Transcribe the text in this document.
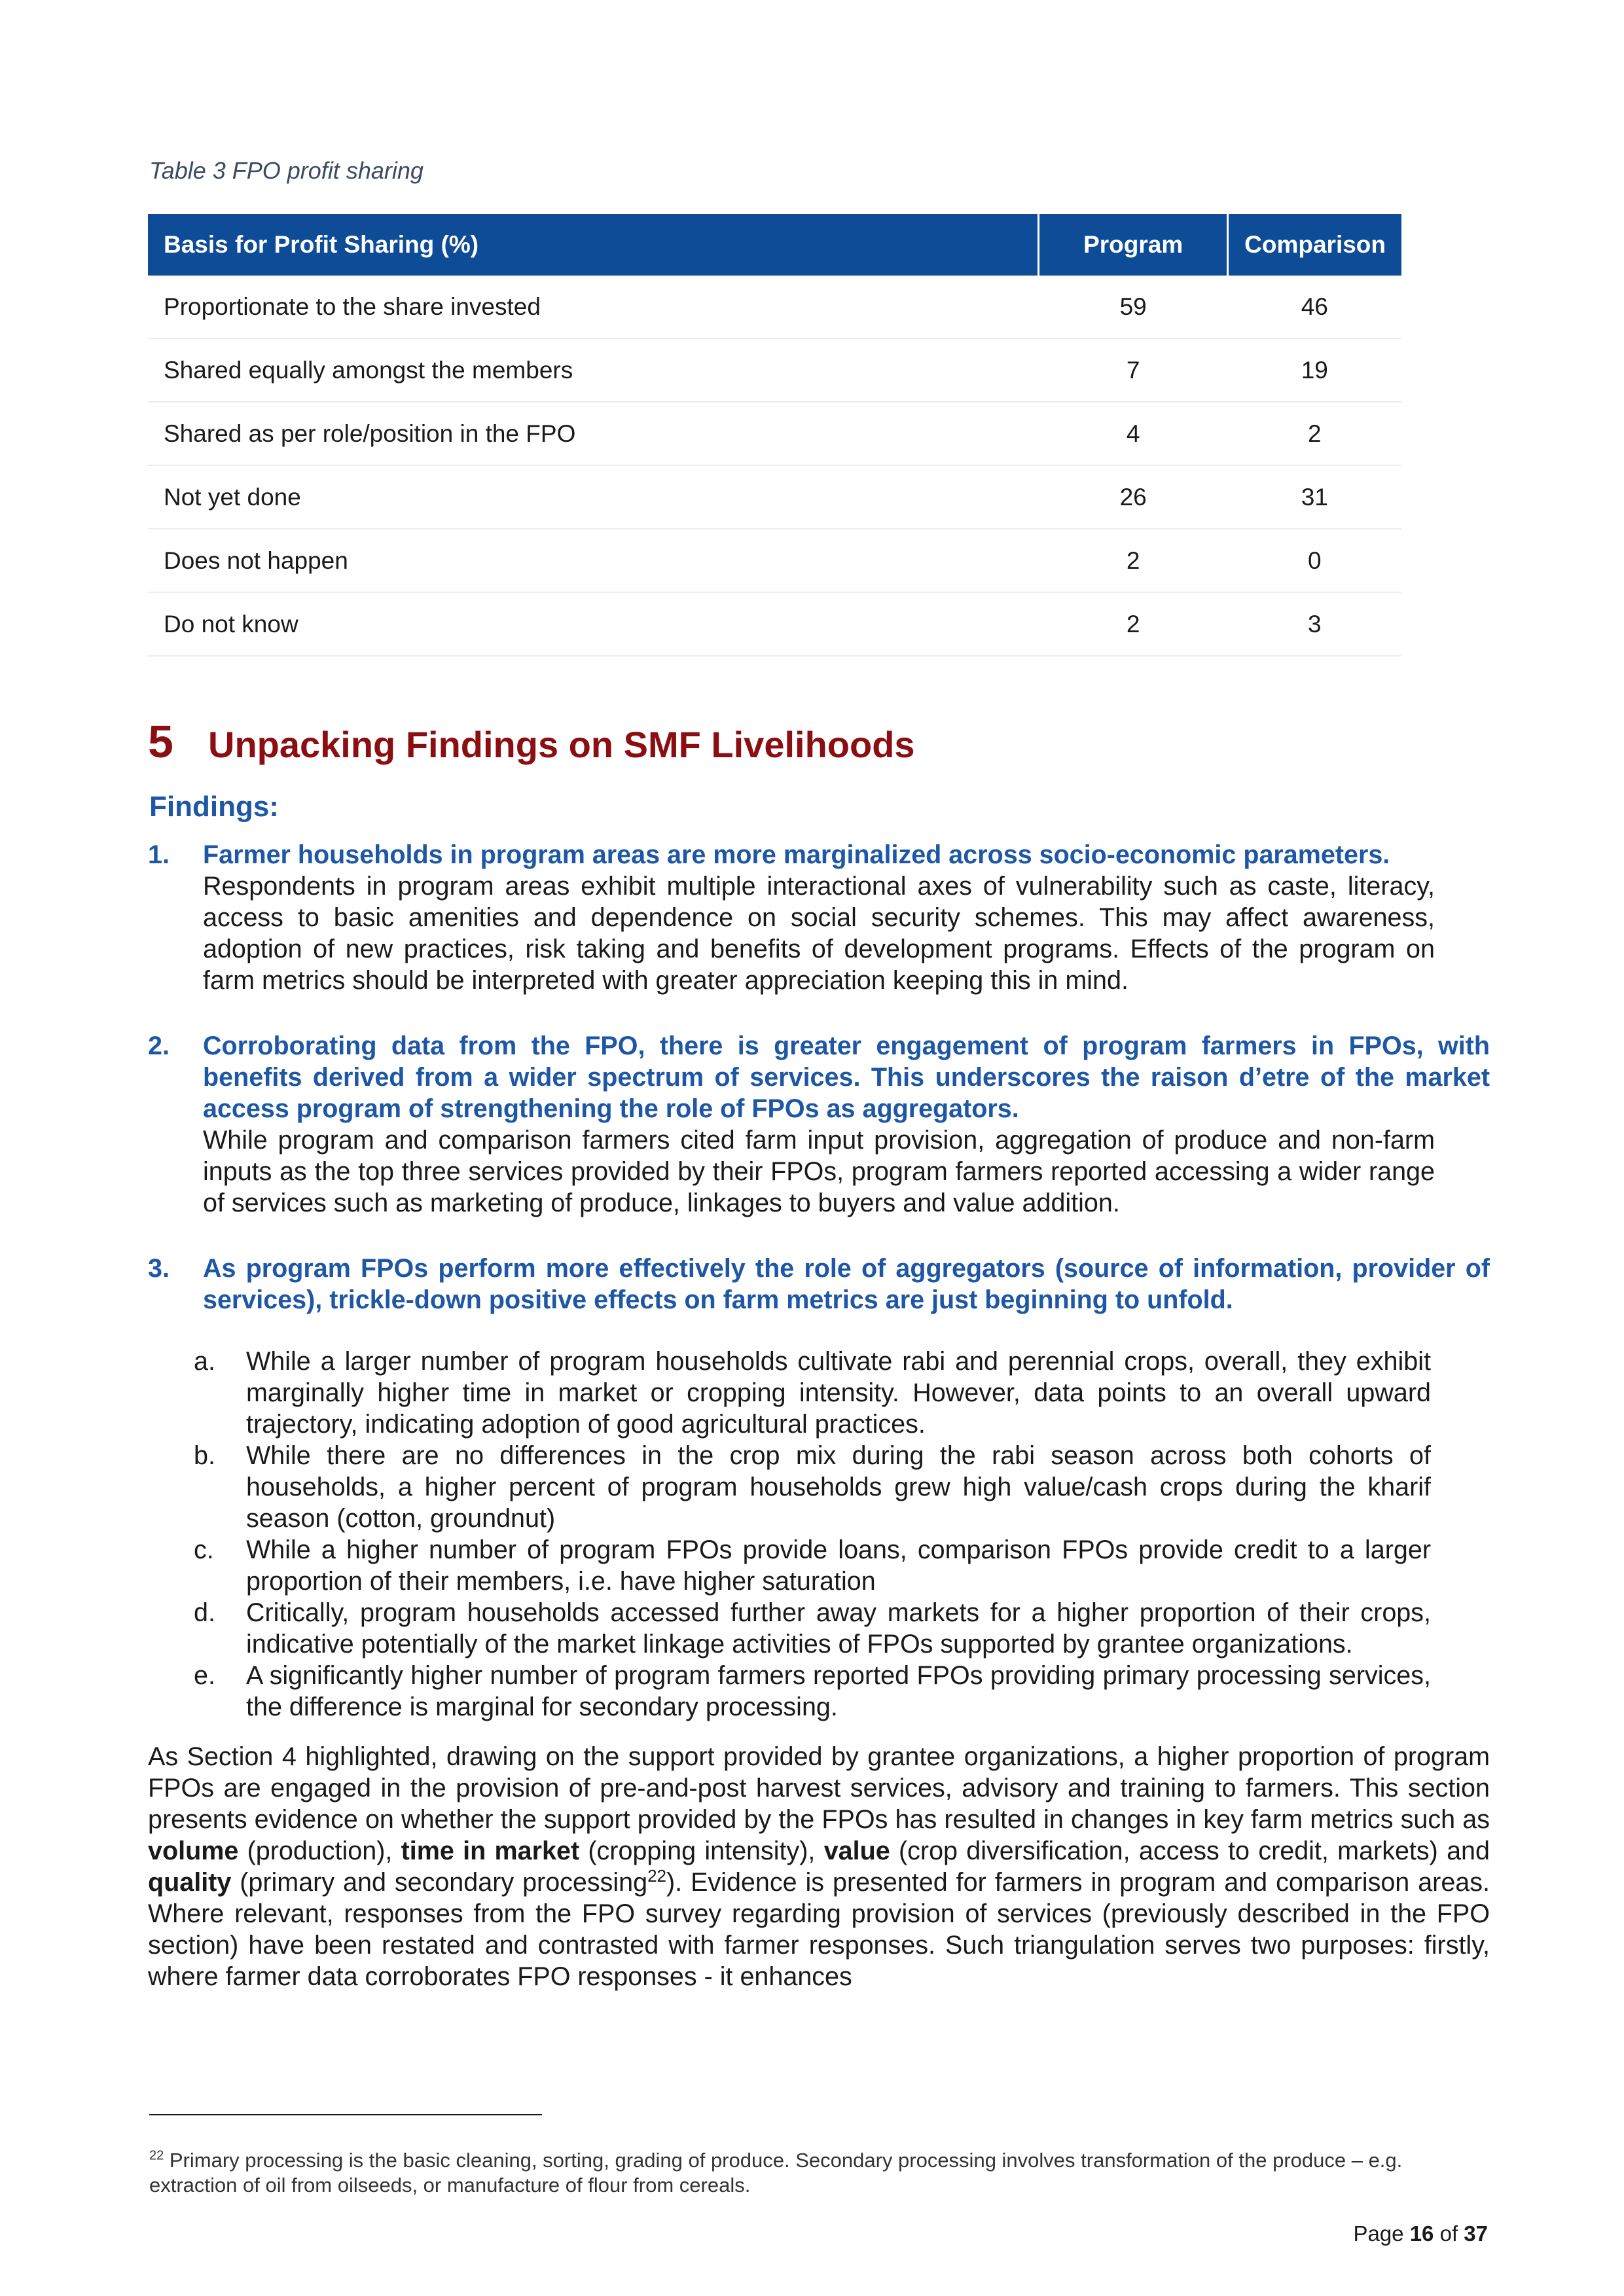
Table 3 FPO profit sharing
Basis for Profit Sharing (%)	Program	Comparison
Proportionate to the share invested	59	46
Shared equally amongst the members	7	19
Shared as per role/position in the FPO	4	2
Not yet done	26	31
Does not happen	2	0
Do not know	2	3
5 Unpacking Findings on SMF Livelihoods
Findings:
1. Farmer households in program areas are more marginalized across socio-economic parameters.
Respondents in program areas exhibit multiple interactional axes of vulnerability such as caste, literacy, access to basic amenities and dependence on social security schemes. This may affect awareness, adoption of new practices, risk taking and benefits of development programs. Effects of the program on farm metrics should be interpreted with greater appreciation keeping this in mind.
2. Corroborating data from the FPO, there is greater engagement of program farmers in FPOs, with benefits derived from a wider spectrum of services. This underscores the raison d’etre of the market access program of strengthening the role of FPOs as aggregators.
While program and comparison farmers cited farm input provision, aggregation of produce and non-farm inputs as the top three services provided by their FPOs, program farmers reported accessing a wider range of services such as marketing of produce, linkages to buyers and value addition.
3. As program FPOs perform more effectively the role of aggregators (source of information, provider of services), trickle-down positive effects on farm metrics are just beginning to unfold.
a. While a larger number of program households cultivate rabi and perennial crops, overall, they exhibit marginally higher time in market or cropping intensity. However, data points to an overall upward trajectory, indicating adoption of good agricultural practices.
b. While there are no differences in the crop mix during the rabi season across both cohorts of households, a higher percent of program households grew high value/cash crops during the kharif season (cotton, groundnut)
c. While a higher number of program FPOs provide loans, comparison FPOs provide credit to a larger proportion of their members, i.e. have higher saturation
d. Critically, program households accessed further away markets for a higher proportion of their crops, indicative potentially of the market linkage activities of FPOs supported by grantee organizations.
e. A significantly higher number of program farmers reported FPOs providing primary processing services, the difference is marginal for secondary processing.
As Section 4 highlighted, drawing on the support provided by grantee organizations, a higher proportion of program FPOs are engaged in the provision of pre-and-post harvest services, advisory and training to farmers. This section presents evidence on whether the support provided by the FPOs has resulted in changes in key farm metrics such as volume (production), time in market (cropping intensity), value (crop diversification, access to credit, markets) and quality (primary and secondary processing$^{22}$). Evidence is presented for farmers in program and comparison areas. Where relevant, responses from the FPO survey regarding provision of services (previously described in the FPO section) have been restated and contrasted with farmer responses. Such triangulation serves two purposes: firstly, where farmer data corroborates FPO responses - it enhances
$^{22}$ Primary processing is the basic cleaning, sorting, grading of produce. Secondary processing involves transformation of the produce – e.g. extraction of oil from oilseeds, or manufacture of flour from cereals.
Page 16 of 37
